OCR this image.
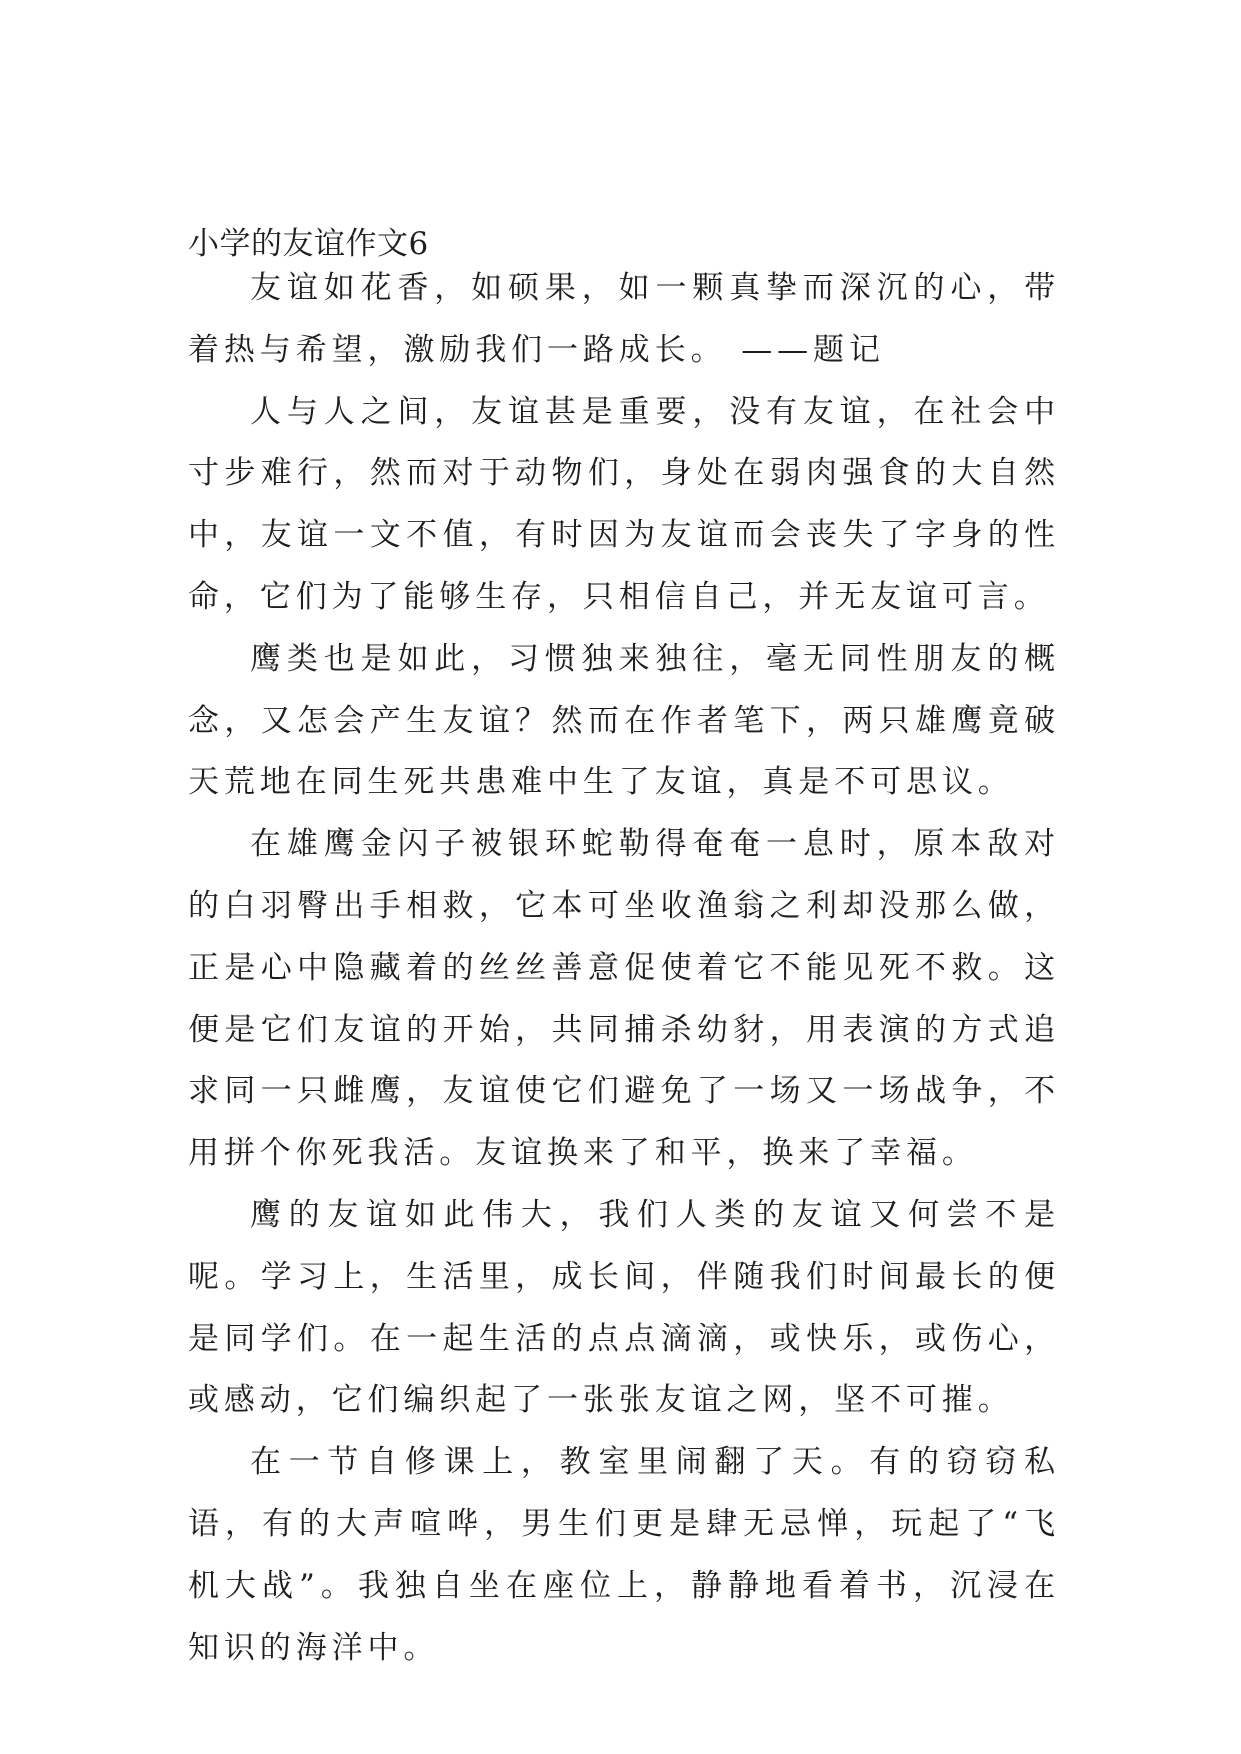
小学的友谊作文6

友谊如花香，如硕果，如一颗真挚而深沉的心，带着热与希望，激励我们一路成长。 ——题记

人与人之间，友谊甚是重要，没有友谊，在社会中寸步难行，然而对于动物们，身处在弱肉强食的大自然中，友谊一文不值，有时因为友谊而会丧失了字身的性命，它们为了能够生存，只相信自己，并无友谊可言。

鹰类也是如此，习惯独来独往，毫无同性朋友的概念，又怎会产生友谊？然而在作者笔下，两只雄鹰竟破天荒地在同生死共患难中生了友谊，真是不可思议。

在雄鹰金闪子被银环蛇勒得奄奄一息时，原本敌对的白羽臀出手相救，它本可坐收渔翁之利却没那么做，正是心中隐藏着的丝丝善意促使着它不能见死不救。这便是它们友谊的开始，共同捕杀幼豺，用表演的方式追求同一只雌鹰，友谊使它们避免了一场又一场战争，不用拼个你死我活。友谊换来了和平，换来了幸福。

鹰的友谊如此伟大，我们人类的友谊又何尝不是呢。学习上，生活里，成长间，伴随我们时间最长的便是同学们。在一起生活的点点滴滴，或快乐，或伤心，或感动，它们编织起了一张张友谊之网，坚不可摧。

在一节自修课上，教室里闹翻了天。有的窃窃私语，有的大声喧哗，男生们更是肆无忌惮，玩起了“飞机大战”。我独自坐在座位上，静静地看着书，沉浸在知识的海洋中。
